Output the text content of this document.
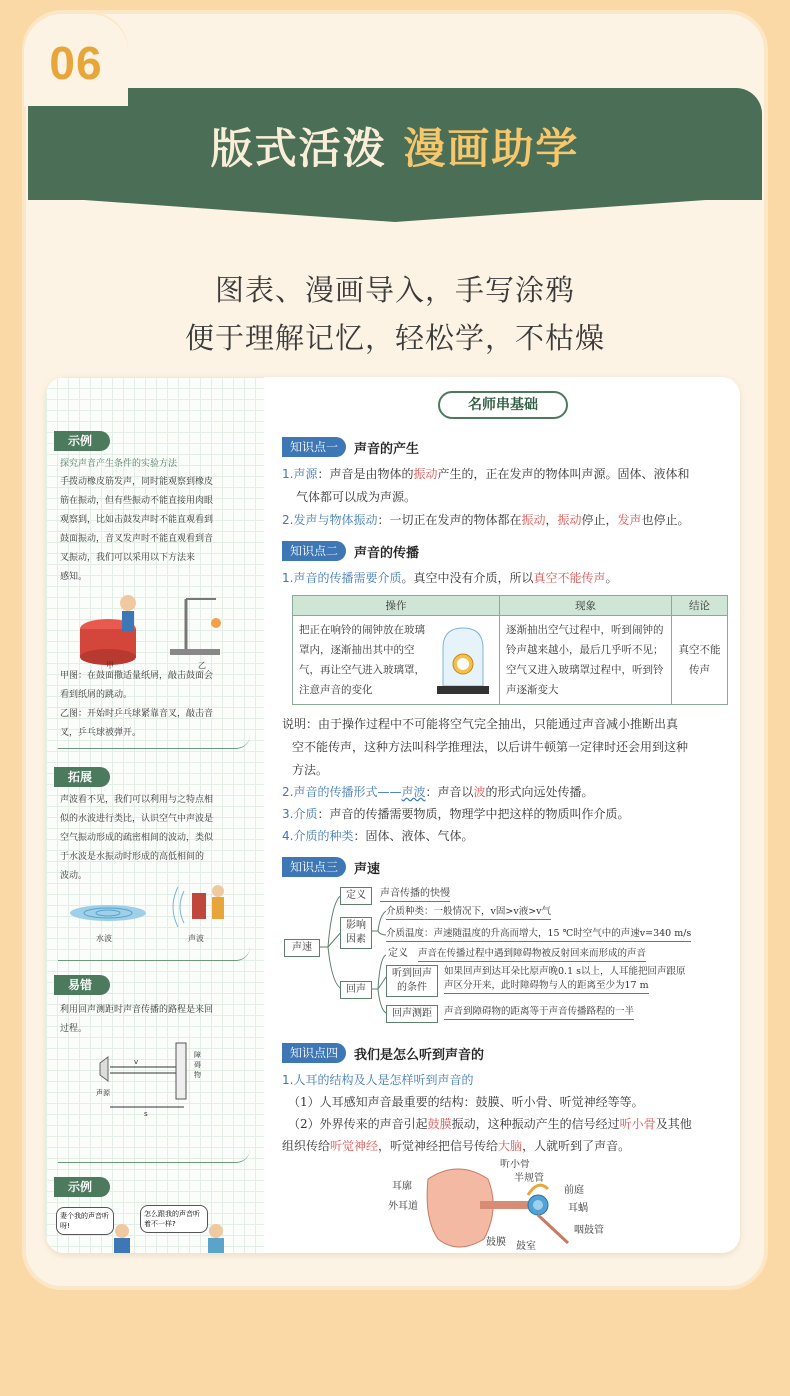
06
版式活泼 漫画助学
图表、漫画导入，手写涂鸦
便于理解记忆，轻松学，不枯燥
示例
探究声音产生条件的实验方法
手拨动橡皮筋发声，同时能观察到橡皮
筋在振动，但有些振动不能直接用肉眼
观察到，比如击鼓发声时不能直观看到
鼓面振动，音叉发声时不能直观看到音
叉振动，我们可以采用以下方法来
感知。
甲	乙
甲图：在鼓面撒适量纸屑，敲击鼓面会
看到纸屑的跳动。
乙图：开始时乒乓球紧靠音叉，敲击音
叉，乒乓球被弹开。
拓展
声波看不见，我们可以利用与之特点相
似的水波进行类比，认识空气中声波是
空气振动形成的疏密相间的波动，类似
于水波是水振动时形成的高低相间的
波动。
水波	声波
易错
利用回声测距时声音传播的路程是来回
过程。
声源
v
s
障
碍
物
示例
妻个我的声音听呀!
怎么跟我的声音听着不一样?
名师串基础
知识点一	声音的产生
1.声源：声音是由物体的振动产生的，正在发声的物体叫声源。固体、液体和
气体都可以成为声源。
2.发声与物体振动：一切正在发声的物体都在振动，振动停止，发声也停止。
知识点二	声音的传播
1.声音的传播需要介质。真空中没有介质，所以真空不能传声。
操作	现象	结论

把正在响铃的闹钟放在玻璃罩内，逐渐抽出其中的空气，再让空气进入玻璃罩，注意声音的变化	逐渐抽出空气过程中，听到闹钟的铃声越来越小，最后几乎听不见；空气又进入玻璃罩过程中，听到铃声逐渐变大	真空不能传声
说明：由于操作过程中不可能将空气完全抽出，只能通过声音减小推断出真
空不能传声，这种方法叫科学推理法，以后讲牛顿第一定律时还会用到这种
方法。
2.声音的传播形式——声波：声音以波的形式向远处传播。
3.介质：声音的传播需要物质，物理学中把这样的物质叫作介质。
4.介质的种类：固体、液体、气体。
知识点三	声速
声速
定义	声音传播的快慢
影响因素
介质种类：一般情况下，v固>v液>v气
介质温度：声速随温度的升高而增大，15 ℃时空气中的声速v=340 m/s
回声
定义 声音在传播过程中遇到障碍物被反射回来而形成的声音
听到回声的条件
如果回声到达耳朵比原声晚0.1 s以上，人耳能把回声跟原
声区分开来，此时障碍物与人的距离至少为17 m
回声测距	声音到障碍物的距离等于声音传播路程的一半
知识点四	我们是怎么听到声音的
1.人耳的结构及人是怎样听到声音的
（1）人耳感知声音最重要的结构：鼓膜、听小骨、听觉神经等等。
（2）外界传来的声音引起鼓膜振动，这种振动产生的信号经过听小骨及其他
组织传给听觉神经，听觉神经把信号传给大脑，人就听到了声音。
听小骨
半规管
前庭
耳廓
外耳道	耳蜗
咽鼓管
鼓膜 鼓室
